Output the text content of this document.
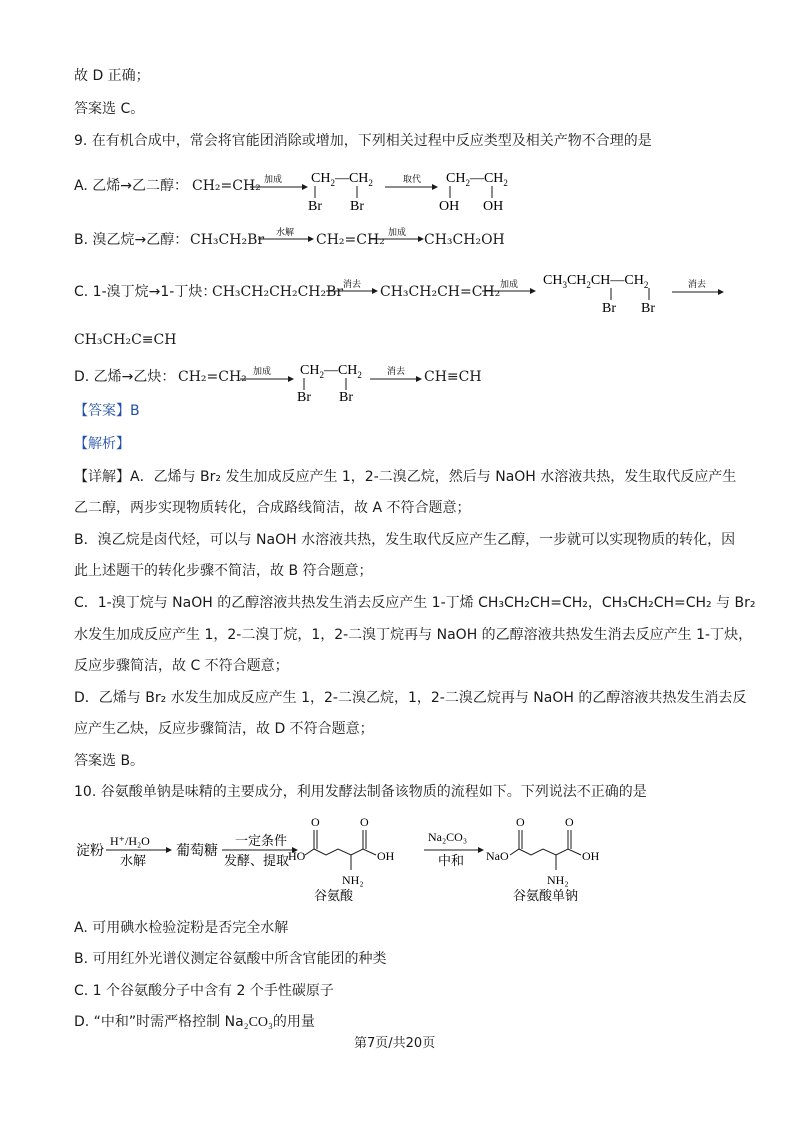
故 D 正确；
答案选 C。
9. 在有机合成中，常会将官能团消除或增加，下列相关过程中反应类型及相关产物不合理的是
A. 乙烯→乙二醇： CH₂=CH₂ 加成 $CH_2—CH_2$
Br Br
取代 $CH_2—CH_2$
OH OH
B. 溴乙烷→乙醇： CH₃CH₂Br 水解 CH₂=CH₂ 加成 CH₃CH₂OH
C. 1-溴丁烷→1-丁炔：
CH₃CH₂CH₂CH₂Br 消去 CH₃CH₂CH=CH₂ 加成 $CH_3CH_2CH—CH_2$
Br Br
消去
CH₃CH₂C≡CH
D. 乙烯→乙炔： CH₂=CH₂ 加成 $CH_2—CH_2$
Br Br
消去 CH≡CH
【答案】B
【解析】
【详解】A．乙烯与 Br₂ 发生加成反应产生 1，2-二溴乙烷，然后与 NaOH 水溶液共热，发生取代反应产生
乙二醇，两步实现物质转化，合成路线简洁，故 A 不符合题意；
B．溴乙烷是卤代烃，可以与 NaOH 水溶液共热，发生取代反应产生乙醇，一步就可以实现物质的转化，因
此上述题干的转化步骤不简洁，故 B 符合题意；
C．1-溴丁烷与 NaOH 的乙醇溶液共热发生消去反应产生 1-丁烯 CH₃CH₂CH=CH₂，CH₃CH₂CH=CH₂ 与 Br₂
水发生加成反应产生 1，2-二溴丁烷，1，2-二溴丁烷再与 NaOH 的乙醇溶液共热发生消去反应产生 1-丁炔，
反应步骤简洁，故 C 不符合题意；
D．乙烯与 Br₂ 水发生加成反应产生 1，2-二溴乙烷，1，2-二溴乙烷再与 NaOH 的乙醇溶液共热发生消去反
应产生乙炔，反应步骤简洁，故 D 不符合题意；
答案选 B。
10. 谷氨酸单钠是味精的主要成分，利用发酵法制备该物质的流程如下。下列说法不正确的是
淀粉
H⁺/H₂O
水解
葡萄糖
一定条件
发酵、提取
HO
O	O
OH
NH₂
谷氨酸
Na₂CO₃
中和 NaO
O	O
OH
NH₂
谷氨酸单钠
A. 可用碘水检验淀粉是否完全水解
B. 可用红外光谱仪测定谷氨酸中所含官能团的种类
C. 1 个谷氨酸分子中含有 2 个手性碳原子
D. “中和”时需严格控制 Na₂CO₃的用量
第7页/共20页
